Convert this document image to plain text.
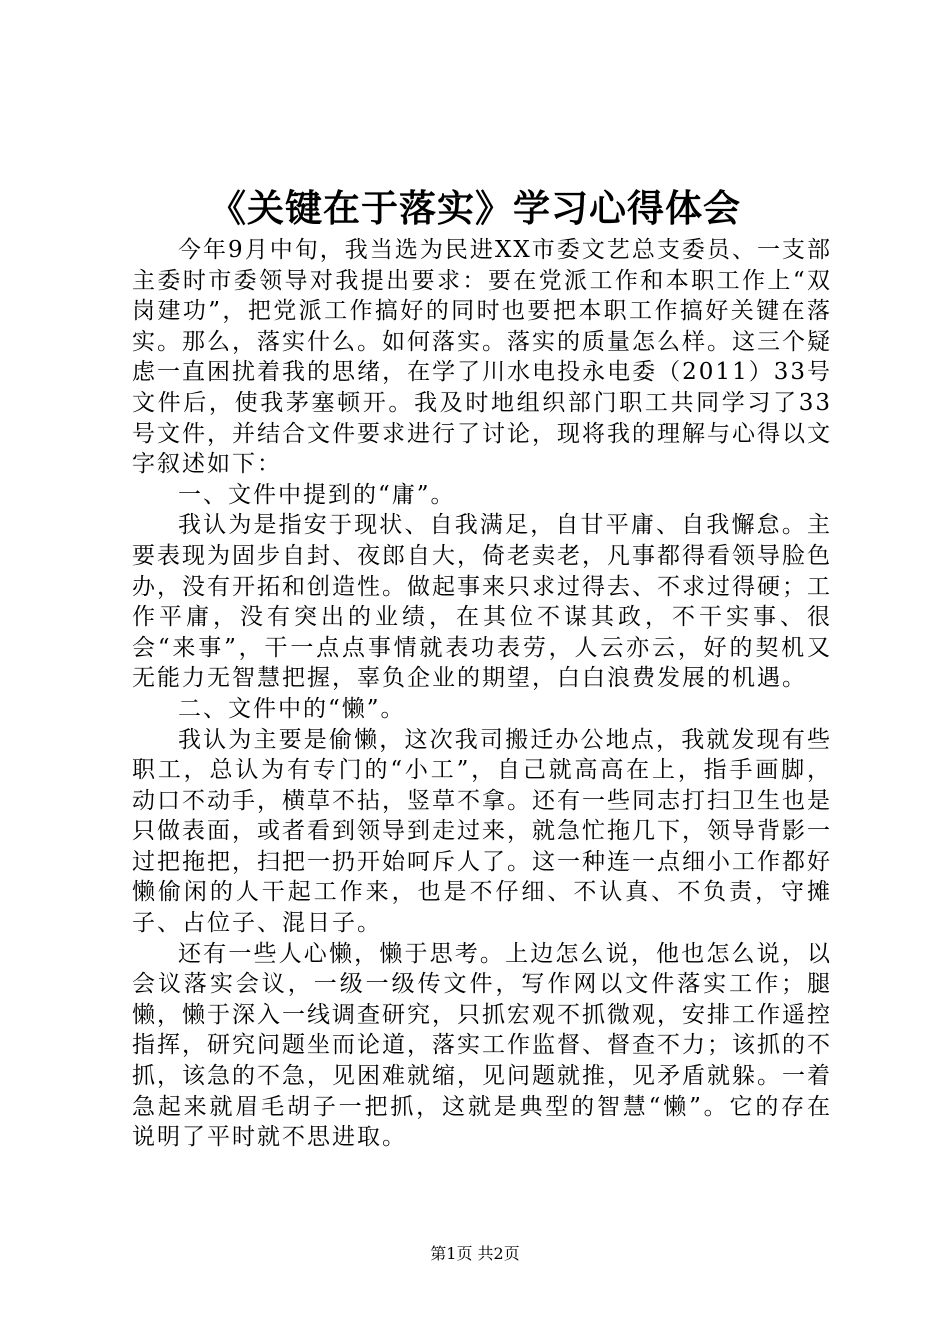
《关键在于落实》学习心得体会

今年9月中旬，我当选为民进XX市委文艺总支委员、一支部主委时市委领导对我提出要求：要在党派工作和本职工作上“双岗建功”，把党派工作搞好的同时也要把本职工作搞好关键在落实。那么，落实什么。如何落实。落实的质量怎么样。这三个疑虑一直困扰着我的思绪，在学了川水电投永电委（2011）33号文件后，使我茅塞顿开。我及时地组织部门职工共同学习了33号文件，并结合文件要求进行了讨论，现将我的理解与心得以文字叙述如下：

一、文件中提到的“庸”。

我认为是指安于现状、自我满足，自甘平庸、自我懈怠。主要表现为固步自封、夜郎自大，倚老卖老，凡事都得看领导脸色办，没有开拓和创造性。做起事来只求过得去、不求过得硬；工作平庸，没有突出的业绩，在其位不谋其政，不干实事、很会“来事”，干一点点事情就表功表劳，人云亦云，好的契机又无能力无智慧把握，辜负企业的期望，白白浪费发展的机遇。

二、文件中的“懒”。

我认为主要是偷懒，这次我司搬迁办公地点，我就发现有些职工，总认为有专门的“小工”，自己就高高在上，指手画脚，动口不动手，横草不拈，竖草不拿。还有一些同志打扫卫生也是只做表面，或者看到领导到走过来，就急忙拖几下，领导背影一过把拖把，扫把一扔开始呵斥人了。这一种连一点细小工作都好懒偷闲的人干起工作来，也是不仔细、不认真、不负责，守摊子、占位子、混日子。

还有一些人心懒，懒于思考。上边怎么说，他也怎么说，以会议落实会议，一级一级传文件，写作网以文件落实工作；腿懒，懒于深入一线调查研究，只抓宏观不抓微观，安排工作遥控指挥，研究问题坐而论道，落实工作监督、督查不力；该抓的不抓，该急的不急，见困难就缩，见问题就推，见矛盾就躲。一着急起来就眉毛胡子一把抓，这就是典型的智慧“懒”。它的存在说明了平时就不思进取。

第1页 共2页
